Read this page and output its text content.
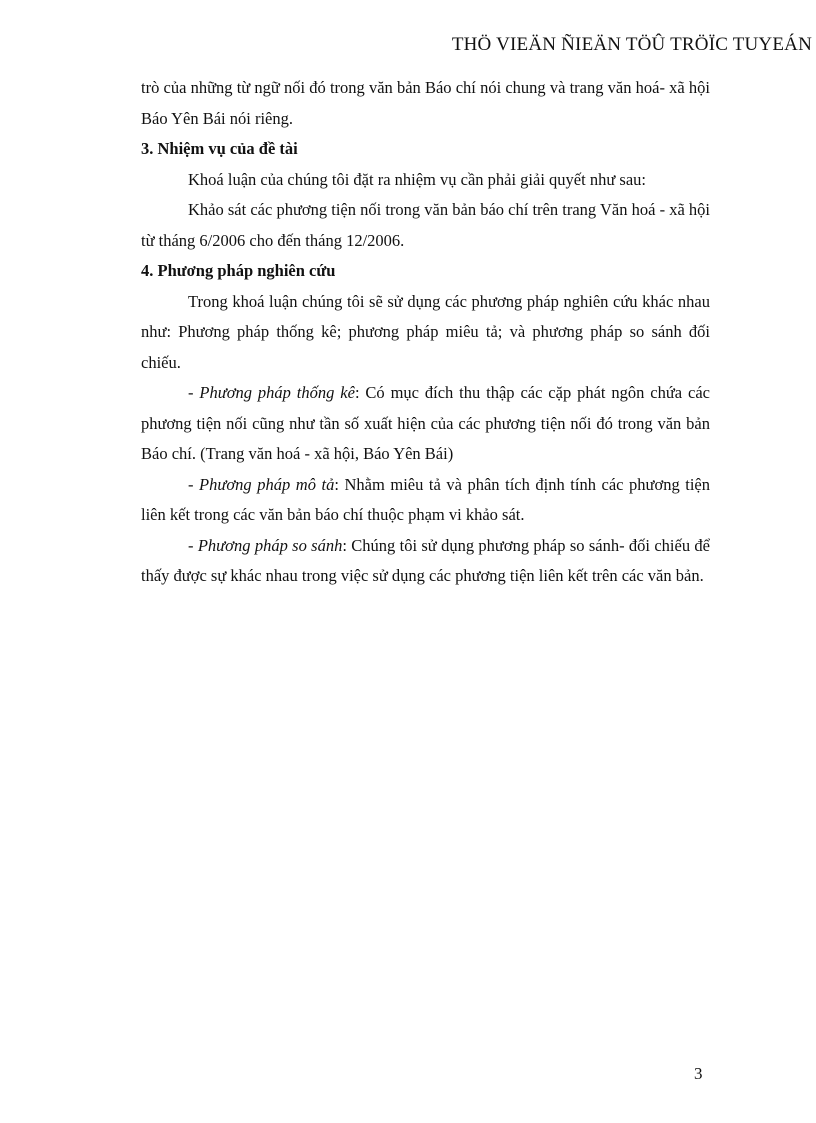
THÖ VIEÄN ÑIEÄN TÖÛ TRÖÏC TUYEÁN

trò của những từ ngữ nối đó trong văn bản Báo chí nói chung và trang văn hoá- xã hội Báo Yên Bái nói riêng.

3. Nhiệm vụ của đề tài

Khoá luận của chúng tôi đặt ra nhiệm vụ cần phải giải quyết như sau:

Khảo sát các phương tiện nối trong văn bản báo chí trên trang Văn hoá - xã hội từ tháng 6/2006 cho đến tháng 12/2006.

4. Phương pháp nghiên cứu

Trong khoá luận chúng tôi sẽ sử dụng các phương pháp nghiên cứu khác nhau như: Phương pháp thống kê; phương pháp miêu tả; và phương pháp so sánh đối chiếu.

- Phương pháp thống kê: Có mục đích thu thập các cặp phát ngôn chứa các phương tiện nối cũng như tần số xuất hiện của các phương tiện nối đó trong văn bản Báo chí. (Trang văn hoá - xã hội, Báo Yên Bái)

- Phương pháp mô tả: Nhằm miêu tả và phân tích định tính các phương tiện liên kết trong các văn bản báo chí thuộc phạm vi khảo sát.

- Phương pháp so sánh: Chúng tôi sử dụng phương pháp so sánh- đối chiếu để thấy được sự khác nhau trong việc sử dụng các phương tiện liên kết trên các văn bản.

3
